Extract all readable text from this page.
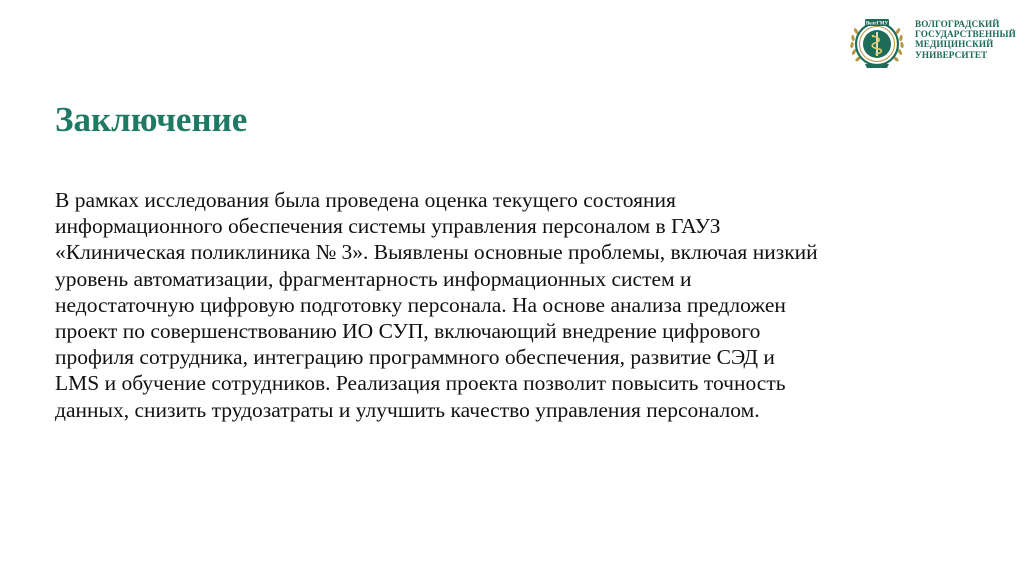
ВолгГМУ	ВОЛГОГРАДСКИЙ
ГОСУДАРСТВЕННЫЙ
МЕДИЦИНСКИЙ
УНИВЕРСИТЕТ
Заключение
В рамках исследования была проведена оценка текущего состояния
информационного обеспечения системы управления персоналом в ГАУЗ
«Клиническая поликлиника № 3». Выявлены основные проблемы, включая низкий
уровень автоматизации, фрагментарность информационных систем и
недостаточную цифровую подготовку персонала. На основе анализа предложен
проект по совершенствованию ИО СУП, включающий внедрение цифрового
профиля сотрудника, интеграцию программного обеспечения, развитие СЭД и
LMS и обучение сотрудников. Реализация проекта позволит повысить точность
данных, снизить трудозатраты и улучшить качество управления персоналом.
